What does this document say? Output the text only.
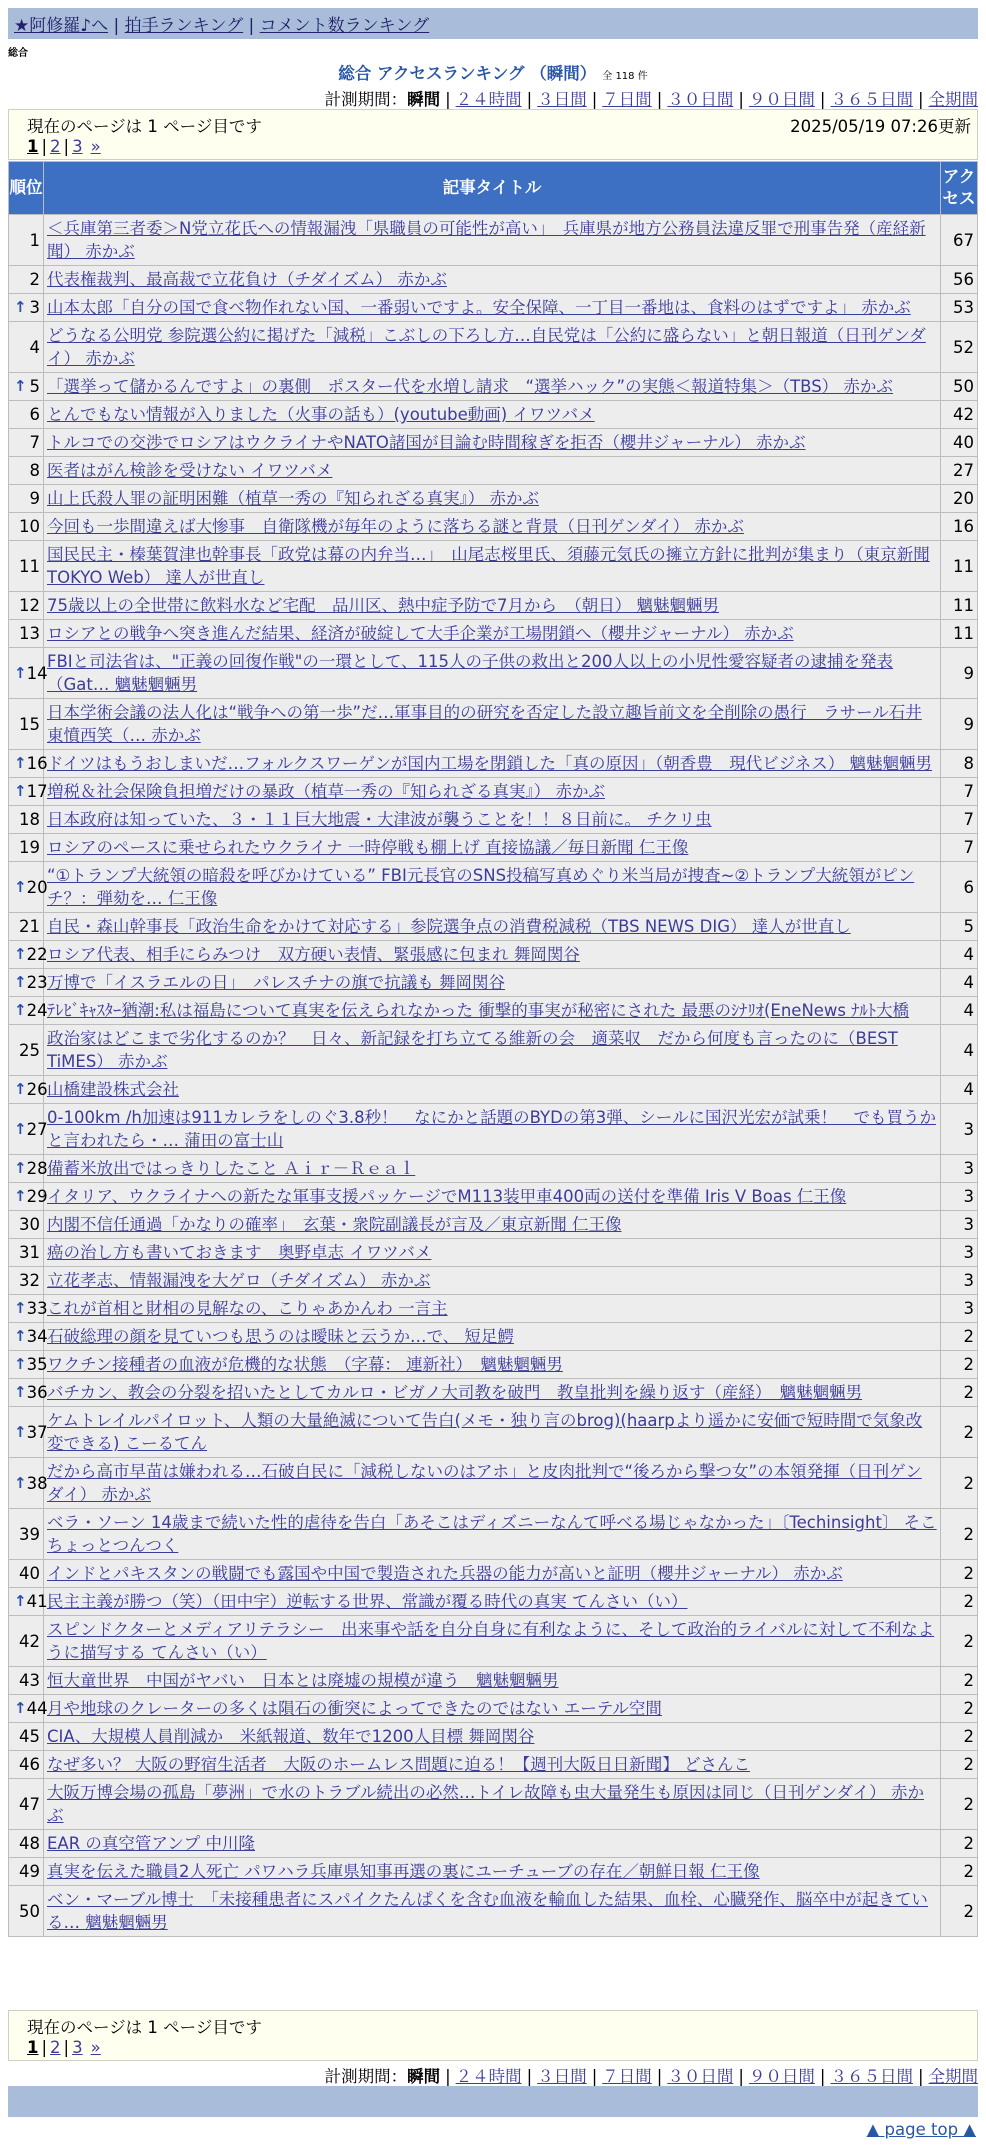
★阿修羅♪へ | 拍手ランキング | コメント数ランキング
総合
総合 アクセスランキング （瞬間） 全 118 件
計測期間：瞬間 | ２４時間 | ３日間 | ７日間 | ３０日間 | ９０日間 | ３６５日間 | 全期間
現在のページは 1 ページ目です	2025/05/19 07:26更新
1 | 2 | 3 »
順位	記事タイトル	アクセス
1	＜兵庫第三者委＞N党立花氏への情報漏洩「県職員の可能性が高い」　兵庫県が地方公務員法違反罪で刑事告発（産経新聞） 赤かぶ	67
2	代表権裁判、最高裁で立花負け（チダイズム） 赤かぶ	56

↑ 3	山本太郎「自分の国で食べ物作れない国、一番弱いですよ。安全保障、一丁目一番地は、食料のはずですよ」 赤かぶ	53
4	どうなる公明党 参院選公約に掲げた「減税」こぶしの下ろし方…自民党は「公約に盛らない」と朝日報道（日刊ゲンダイ） 赤かぶ	52

↑ 5	「選挙って儲かるんですよ」の裏側　ポスター代を水増し請求　“選挙ハック”の実態＜報道特集＞（TBS） 赤かぶ	50
6	とんでもない情報が入りました（火事の話も）(youtube動画) イワツバメ	42
7	トルコでの交渉でロシアはウクライナやNATO諸国が目論む時間稼ぎを拒否（櫻井ジャーナル） 赤かぶ	40
8	医者はがん検診を受けない イワツバメ	27
9	山上氏殺人罪の証明困難（植草一秀の『知られざる真実』） 赤かぶ	20
10	今回も一歩間違えば大惨事　自衛隊機が毎年のように落ちる謎と背景（日刊ゲンダイ） 赤かぶ	16
11	国民民主・榛葉賀津也幹事長「政党は幕の内弁当…」　山尾志桜里氏、須藤元気氏の擁立方針に批判が集まり（東京新聞TOKYO Web） 達人が世直し	11
12	75歳以上の全世帯に飲料水など宅配　品川区、熱中症予防で7月から　（朝日） 魑魅魍魎男	11
13	ロシアとの戦争へ突き進んだ結果、経済が破綻して大手企業が工場閉鎖へ（櫻井ジャーナル） 赤かぶ	11

↑ 14	FBIと司法省は、"正義の回復作戦"の一環として、115人の子供の救出と200人以上の小児性愛容疑者の逮捕を発表（Gat… 魑魅魍魎男	9
15	日本学術会議の法人化は“戦争への第一歩”だ…軍事目的の研究を否定した設立趣旨前文を全削除の愚行　ラサール石井 東憤西笑（… 赤かぶ	9

↑ 16	ドイツはもうおしまいだ…フォルクスワーゲンが国内工場を閉鎖した「真の原因」（朝香豊　現代ビジネス） 魑魅魍魎男	8

↑ 17	増税＆社会保険負担増だけの暴政（植草一秀の『知られざる真実』） 赤かぶ	7
18	日本政府は知っていた、３・１１巨大地震・大津波が襲うことを！！８日前に。 チクリ虫	7
19	ロシアのペースに乗せられたウクライナ 一時停戦も棚上げ 直接協議／毎日新聞 仁王像	7

↑ 20	“①トランプ大統領の暗殺を呼びかけている” FBI元長官のSNS投稿写真めぐり米当局が捜査~②トランプ大統領がピンチ？：弾劾を… 仁王像	6
21	自民・森山幹事長「政治生命をかけて対応する」参院選争点の消費税減税（TBS NEWS DIG） 達人が世直し	5

↑ 22	ロシア代表、相手にらみつけ　双方硬い表情、緊張感に包まれ 舞岡関谷	4

↑ 23	万博で「イスラエルの日」　パレスチナの旗で抗議も 舞岡関谷	4

↑ 24	ﾃﾚﾋﾞｷｬｽﾀｰ猶潮:私は福島について真実を伝えられなかった 衝撃的事実が秘密にされた 最悪のｼﾅﾘｵ(EneNews ﾅﾙﾄ大橋	4
25	政治家はどこまで劣化するのか？　日々、新記録を打ち立てる維新の会　適菜収　だから何度も言ったのに（BEST TiMES） 赤かぶ	4

↑ 26	山橋建設株式会社	4

↑ 27	0-100km /h加速は911カレラをしのぐ3.8秒！　なにかと話題のBYDの第3弾、シールに国沢光宏が試乗！　でも買うかと言われたら・… 蒲田の富士山	3

↑ 28	備蓄米放出ではっきりしたこと Ａｉｒ－Ｒｅａｌ	3

↑ 29	イタリア、ウクライナへの新たな軍事支援パッケージでM113装甲車400両の送付を準備 Iris V Boas 仁王像	3
30	内閣不信任通過「かなりの確率」　玄葉・衆院副議長が言及／東京新聞 仁王像	3
31	癌の治し方も書いておきます　奥野卓志 イワツバメ	3
32	立花孝志、情報漏洩を大ゲロ（チダイズム） 赤かぶ	3

↑ 33	これが首相と財相の見解なの、こりゃあかんわ 一言主	3

↑ 34	石破総理の顔を見ていつも思うのは曖昧と云うか…で、 短足鰐	2

↑ 35	ワクチン接種者の血液が危機的な状態　（字幕： 連新社）　魑魅魍魎男	2

↑ 36	バチカン、教会の分裂を招いたとしてカルロ・ビガノ大司教を破門　教皇批判を繰り返す（産経）　魑魅魍魎男	2

↑ 37	ケムトレイルパイロット、人類の大量絶滅について告白(メモ・独り言のbrog)(haarpより遥かに安価で短時間で気象改変できる) こーるてん	2

↑ 38	だから高市早苗は嫌われる…石破自民に「減税しないのはアホ」と皮肉批判で“後ろから撃つ女”の本領発揮（日刊ゲンダイ） 赤かぶ	2
39	ベラ・ソーン 14歳まで続いた性的虐待を告白「あそこはディズニーなんて呼べる場じゃなかった」〔Techinsight〕 そこちょっとつんつく	2
40	インドとパキスタンの戦闘でも露国や中国で製造された兵器の能力が高いと証明（櫻井ジャーナル） 赤かぶ	2

↑ 41	民主主義が勝つ（笑）（田中宇）逆転する世界、常識が覆る時代の真実 てんさい（い）	2
42	スピンドクターとメディアリテラシー　出来事や話を自分自身に有利なように、そして政治的ライバルに対して不利なように描写する てんさい（い）	2
43	恒大童世界　中国がヤバい　日本とは廃墟の規模が違う　魑魅魍魎男	2

↑ 44	月や地球のクレーターの多くは隕石の衝突によってできたのではない エーテル空間	2
45	CIA、大規模人員削減か　米紙報道、数年で1200人目標 舞岡関谷	2
46	なぜ多い？ 大阪の野宿生活者　大阪のホームレス問題に迫る！【週刊大阪日日新聞】 どさんこ	2
47	大阪万博会場の孤島「夢洲」で水のトラブル続出の必然…トイレ故障も虫大量発生も原因は同じ（日刊ゲンダイ） 赤かぶ	2
48	EAR の真空管アンプ 中川隆	2
49	真実を伝えた職員2人死亡 パワハラ兵庫県知事再選の裏にユーチューブの存在／朝鮮日報 仁王像	2
50	ベン・マーブル博士　「未接種患者にスパイクたんぱくを含む血液を輸血した結果、血栓、心臓発作、脳卒中が起きている… 魑魅魍魎男	2
現在のページは 1 ページ目です
1 | 2 | 3 »
計測期間：瞬間 | ２４時間 | ３日間 | ７日間 | ３０日間 | ９０日間 | ３６５日間 | 全期間
▲ page top ▲
